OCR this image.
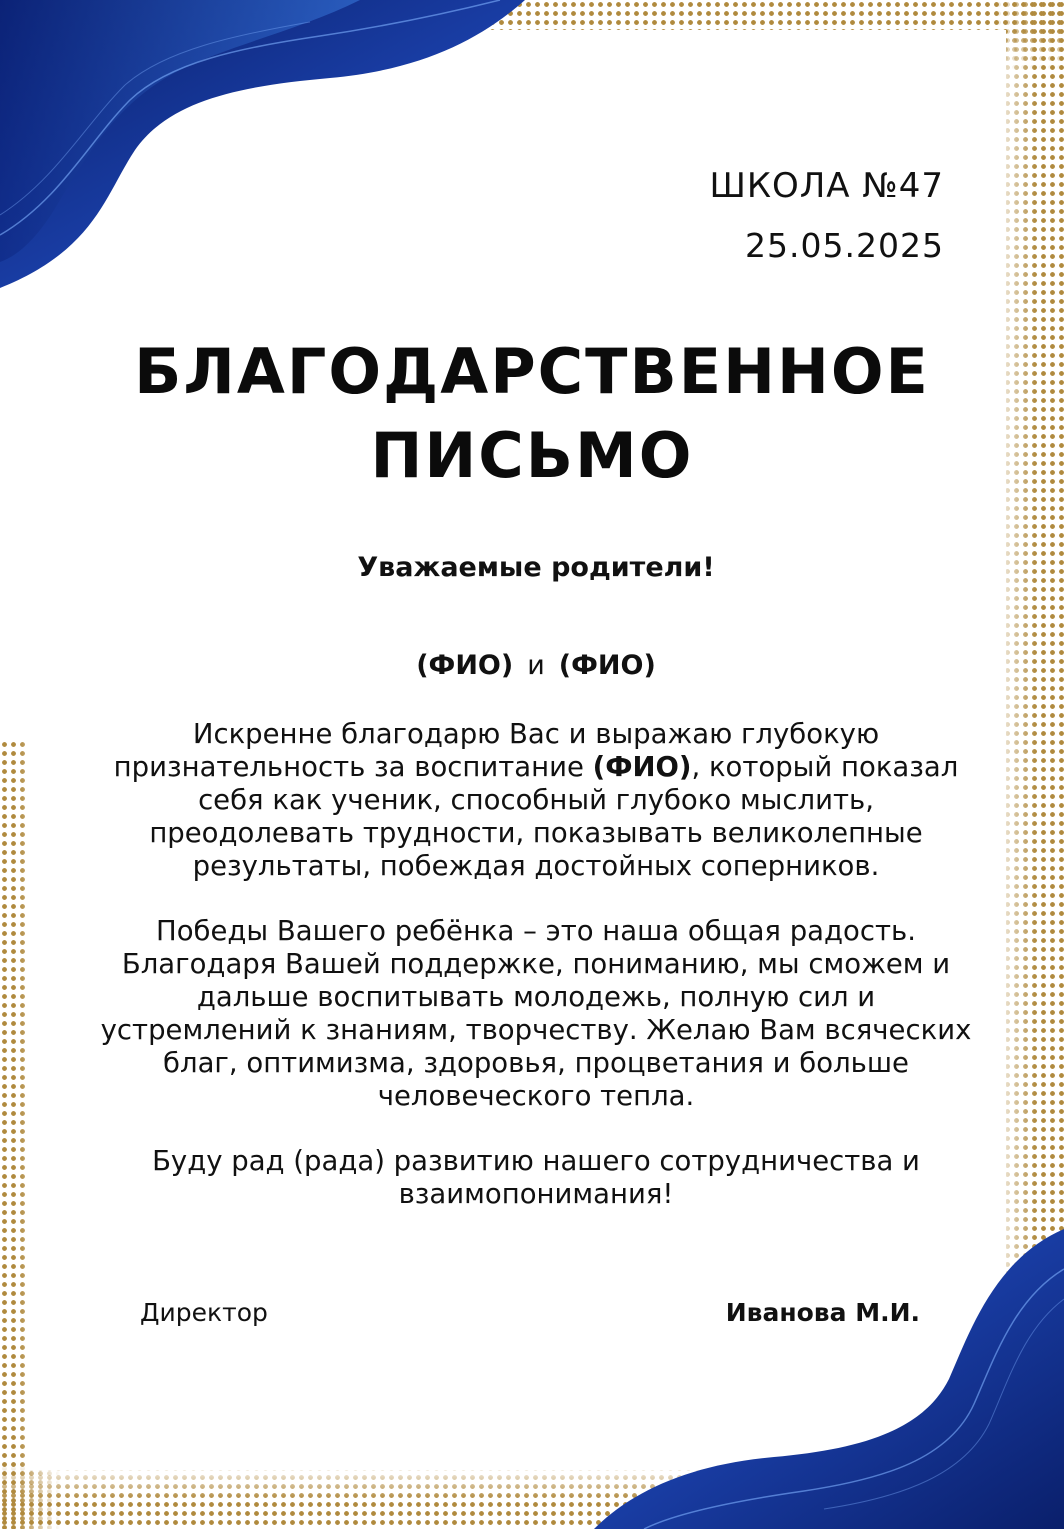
ШКОЛА №47
25.05.2025
БЛАГОДАРСТВЕННОЕ
ПИСЬМО
Уважаемые родители!
(ФИО) и (ФИО)

Искренне благодарю Вас и выражаю глубокую признательность за воспитание (ФИО), который показал себя как ученик, способный глубоко мыслить, преодолевать трудности, показывать великолепные результаты, побеждая достойных соперников.

Победы Вашего ребёнка – это наша общая радость. Благодаря Вашей поддержке, пониманию, мы сможем и дальше воспитывать молодежь, полную сил и устремлений к знаниям, творчеству. Желаю Вам всяческих благ, оптимизма, здоровья, процветания и больше человеческого тепла.

Буду рад (рада) развитию нашего сотрудничества и взаимопонимания!

Директор	Иванова М.И.
